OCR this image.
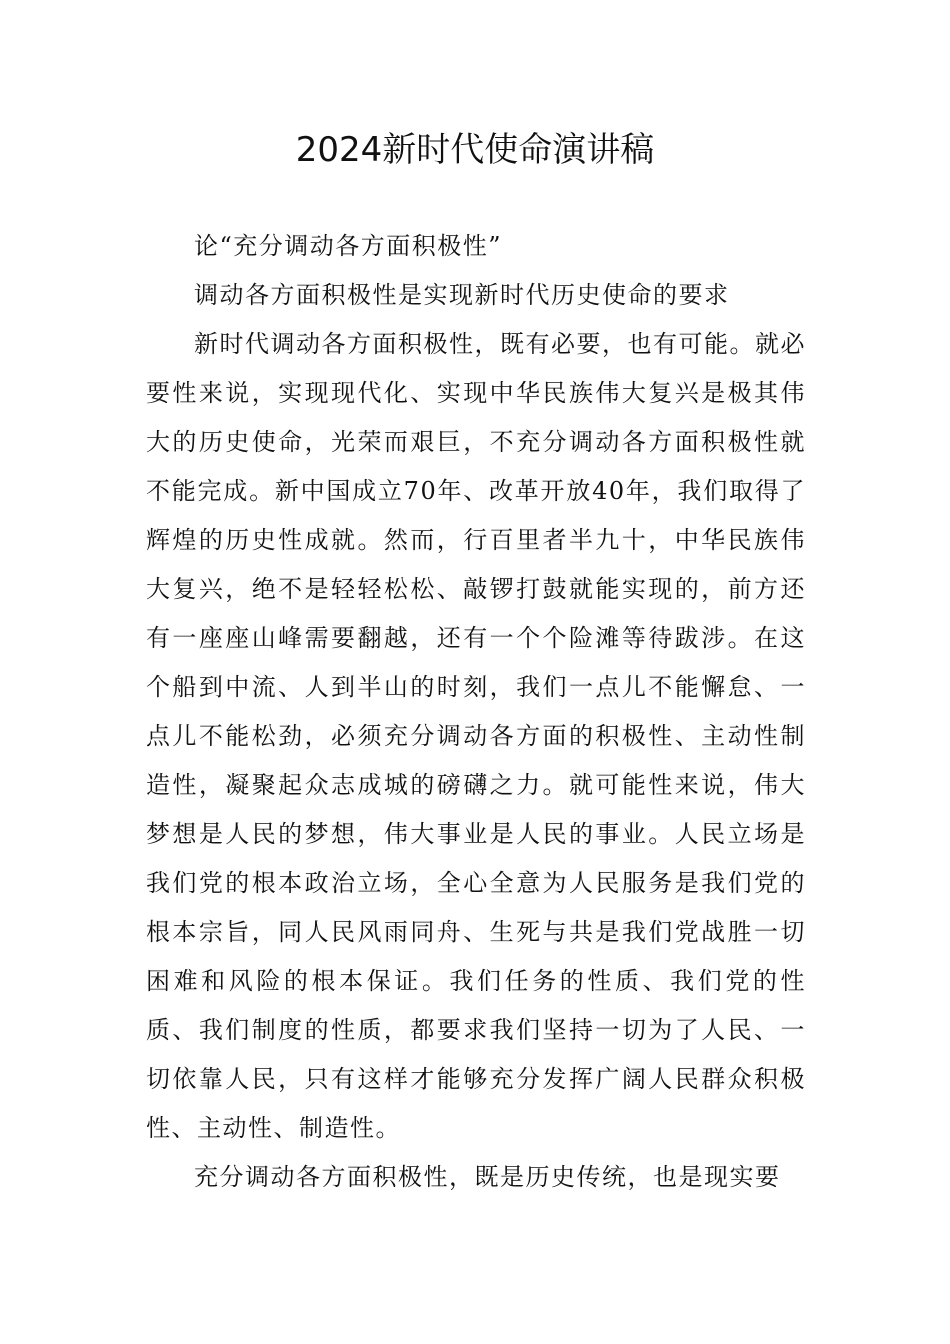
2024新时代使命演讲稿

论“充分调动各方面积极性”

调动各方面积极性是实现新时代历史使命的要求

新时代调动各方面积极性，既有必要，也有可能。就必要性来说，实现现代化、实现中华民族伟大复兴是极其伟大的历史使命，光荣而艰巨，不充分调动各方面积极性就不能完成。新中国成立70年、改革开放40年，我们取得了辉煌的历史性成就。然而，行百里者半九十，中华民族伟大复兴，绝不是轻轻松松、敲锣打鼓就能实现的，前方还有一座座山峰需要翻越，还有一个个险滩等待跋涉。在这个船到中流、人到半山的时刻，我们一点儿不能懈怠、一点儿不能松劲，必须充分调动各方面的积极性、主动性制造性，凝聚起众志成城的磅礴之力。就可能性来说，伟大梦想是人民的梦想，伟大事业是人民的事业。人民立场是我们党的根本政治立场，全心全意为人民服务是我们党的根本宗旨，同人民风雨同舟、生死与共是我们党战胜一切困难和风险的根本保证。我们任务的性质、我们党的性质、我们制度的性质，都要求我们坚持一切为了人民、一切依靠人民，只有这样才能够充分发挥广阔人民群众积极性、主动性、制造性。

充分调动各方面积极性，既是历史传统，也是现实要
